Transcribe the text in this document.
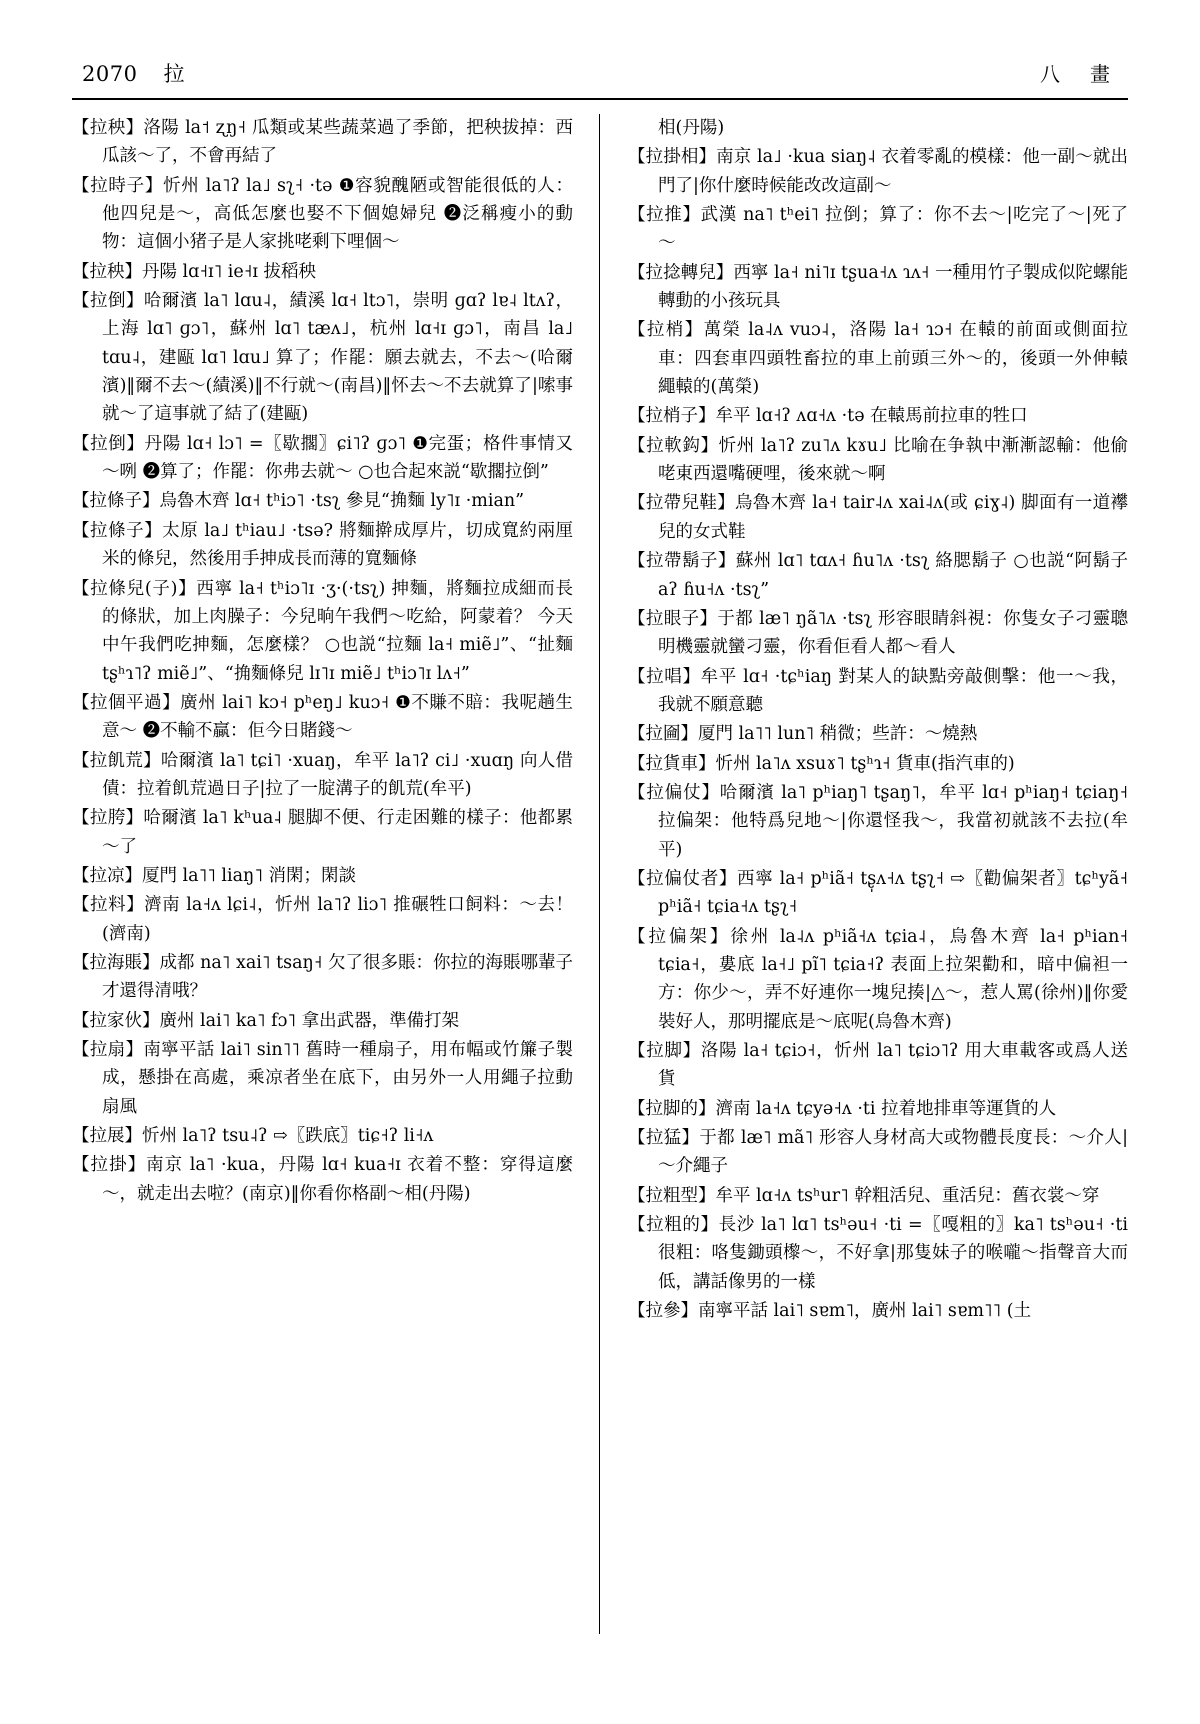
2070 拉	八 畫
【拉秧】洛陽 la˦ ʐŋ˧ 瓜類或某些蔬菜過了季節，把秧拔掉：西瓜該～了，不會再結了
【拉時子】忻州 la˥ʔ la˩ sʅ˧ ·tə ❶容貌醜陋或智能很低的人：他四兒是～，高低怎麼也娶不下個媳婦兒 ❷泛稱瘦小的動物：這個小猪子是人家挑咾剩下哩個～
【拉秧】丹陽 lɑ˧ɪ˥ iе˧ɪ 拔稻秧
【拉倒】哈爾濱 la˥ lɑu˨，績溪 lɑ˧ ltɔ˥，崇明 ɡɑʔ lɐ˨ ltʌʔ，上海 lɑ˥ ɡɔ˥，蘇州 lɑ˥ tæʌ˩，杭州 lɑ˧ɪ ɡɔ˥，南昌 la˩ tɑu˨，建甌 lɑ˥ lɑu˩ 算了；作罷：願去就去，不去～(哈爾濱)‖爾不去～(績溪)‖不行就～(南昌)‖怀去～不去就算了|嗦事就～了這事就了結了(建甌)
【拉倒】丹陽 lɑ˧ lɔ˥ =〖歇擱〗ɕi˥ʔ ɡɔ˥ ❶完蛋；格件事情又～咧 ❷算了；作罷：你弗去就～ ○也合起來説“歇擱拉倒”
【拉條子】烏魯木齊 lɑ˧ tʰiɔ˥ ·tsʅ 參見“捔麵 ly˥ɪ ·mian”
【拉條子】太原 la˩ tʰiau˩ ·tsə? 將麵擀成厚片，切成寬約兩厘米的條兒，然後用手抻成長而薄的寬麵條
【拉條兒(子)】西寧 la˧ tʰiɔ˥ɪ ·ʒ·(·tsʅ) 抻麵，將麵拉成細而長的條狀，加上肉臊子：今兒晌午我們～吃給，阿蒙着？ 今天中午我們吃抻麵，怎麼樣？ ○也説“拉麵 la˧ miẽ˩”、“扯麵 tʂʰɿ˥ʔ miẽ˩”、“捔麵條兒 lɪ˥ɪ miẽ˩ tʰiɔ˥ɪ lʌ˧”
【拉個平過】廣州 lai˥ kɔ˧ pʰeŋ˩ kuɔ˧ ❶不賺不賠：我呢趟生意～ ❷不輸不贏：佢今日賭錢～
【拉飢荒】哈爾濱 la˥ tɕi˥ ·xuaŋ，牟平 la˥ʔ ci˩ ·xuɑŋ 向人借債：拉着飢荒過日子|拉了一腚溝子的飢荒(牟平)
【拉胯】哈爾濱 la˥ kʰua˨ 腿脚不便、行走困難的樣子：他都累～了
【拉凉】厦門 la˥˥ liaŋ˥ 消閑；閑談
【拉料】濟南 la˧ʌ lɕi˨，忻州 la˥ʔ liɔ˥ 推碾牲口飼料：～去！(濟南)
【拉海賬】成都 na˥ xai˥ tsaŋ˧ 欠了很多賬：你拉的海賬哪輩子才還得清哦？
【拉家伙】廣州 lai˥ ka˥ fɔ˥ 拿出武器，準備打架
【拉扇】南寧平話 lai˥ sin˥˥ 舊時一種扇子，用布幅或竹簾子製成，懸掛在高處，乘凉者坐在底下，由另外一人用繩子拉動扇風
【拉展】忻州 la˥ʔ tsu˨ʔ ⇨〖跌底〗tiɕ˧ʔ li˧ʌ
【拉掛】南京 la˥ ·kua，丹陽 lɑ˧ kua˧ɪ 衣着不整：穿得這麼～，就走出去啦？(南京)‖你看你格副～相(丹陽)
相(丹陽)
【拉掛相】南京 la˩ ·kua siaŋ˨ 衣着零亂的模樣：他一副～就出門了|你什麼時候能改改這副～
【拉推】武漢 na˥ tʰei˥ 拉倒；算了：你不去～|吃完了～|死了～
【拉捻轉兒】西寧 la˧ ni˥ɪ tʂua˧ʌ ɿʌ˧ 一種用竹子製成似陀螺能轉動的小孩玩具
【拉梢】萬榮 la˨ʌ vuɔ˨，洛陽 la˧ ɿɔ˧ 在轅的前面或側面拉車：四套車四頭牲畜拉的車上前頭三外～的，後頭一外伸轅繩轅的(萬榮)
【拉梢子】牟平 lɑ˧ʔ ʌɑ˧ʌ ·tə 在轅馬前拉車的牲口
【拉軟鈎】忻州 la˥ʔ zu˥ʌ kɤu˩ 比喻在争執中漸漸認輸：他偷咾東西還嘴硬哩，後來就～啊
【拉帶兒鞋】烏魯木齊 la˧ tair˨ʌ xai˨ʌ(或 ɕiɣ˨) 脚面有一道襻兒的女式鞋
【拉帶鬍子】蘇州 lɑ˥ tɑʌ˧ ɦu˥ʌ ·tsʅ 絡腮鬍子 ○也説“阿鬍子 aʔ ɦu˧ʌ ·tsʅ”
【拉眼子】于都 læ˥ ŋã˥ʌ ·tsʅ 形容眼睛斜視：你隻女子刁靈聰明機靈就蠻刁靈，你看佢看人都～看人
【拉唱】牟平 lɑ˧ ·tɕʰiaŋ 對某人的缺點旁敲側擊：他一～我，我就不願意聽
【拉圇】厦門 la˥˥ lun˥ 稍微；些許：～燒熱
【拉貨車】忻州 la˥ʌ xsuɤ˥ tʂʰɿ˧ 貨車(指汽車的)
【拉偏仗】哈爾濱 la˥ pʰiaŋ˥ tʂaŋ˥，牟平 lɑ˧ pʰiaŋ˧ tɕiaŋ˧ 拉偏架：他特爲兒地～|你還怪我～，我當初就該不去拉(牟平)
【拉偏仗者】西寧 la˧ pʰiã˧ tʂ̩ʌ˧ʌ tʂʅ˧ ⇨〖勸偏架者〗tɕʰyã˧ pʰiã˧ tɕia˧ʌ tʂʅ˧
【拉偏架】徐州 la˨ʌ pʰiã˧ʌ tɕia˨，烏魯木齊 la˧ pʰian˧ tɕia˧，婁底 la˧˩ pĩ˥ tɕia˧ʔ 表面上拉架勸和，暗中偏袒一方：你少～，弄不好連你一塊兒揍|△～，惹人罵(徐州)‖你愛裝好人，那明擺底是～底呢(烏魯木齊)
【拉脚】洛陽 la˧ tɕiɔ˧，忻州 la˥ tɕiɔ˥ʔ 用大車載客或爲人送貨
【拉脚的】濟南 la˧ʌ tɕyə˧ʌ ·ti 拉着地排車等運貨的人
【拉猛】于都 læ˥ mã˥ 形容人身材高大或物體長度長：～介人|～介繩子
【拉粗型】牟平 lɑ˧ʌ tsʰur˥ 幹粗活兒、重活兒：舊衣裳～穿
【拉粗的】長沙 la˥ lɑ˥ tsʰəu˧ ·ti =〖嘎粗的〗ka˥ tsʰəu˧ ·ti 很粗：咯隻鋤頭㰀～，不好拿|那隻妹子的喉嚨～指聲音大而低，講話像男的一樣
【拉參】南寧平話 lai˥ sɐm˥，廣州 lai˥ sɐm˥˥ (土
